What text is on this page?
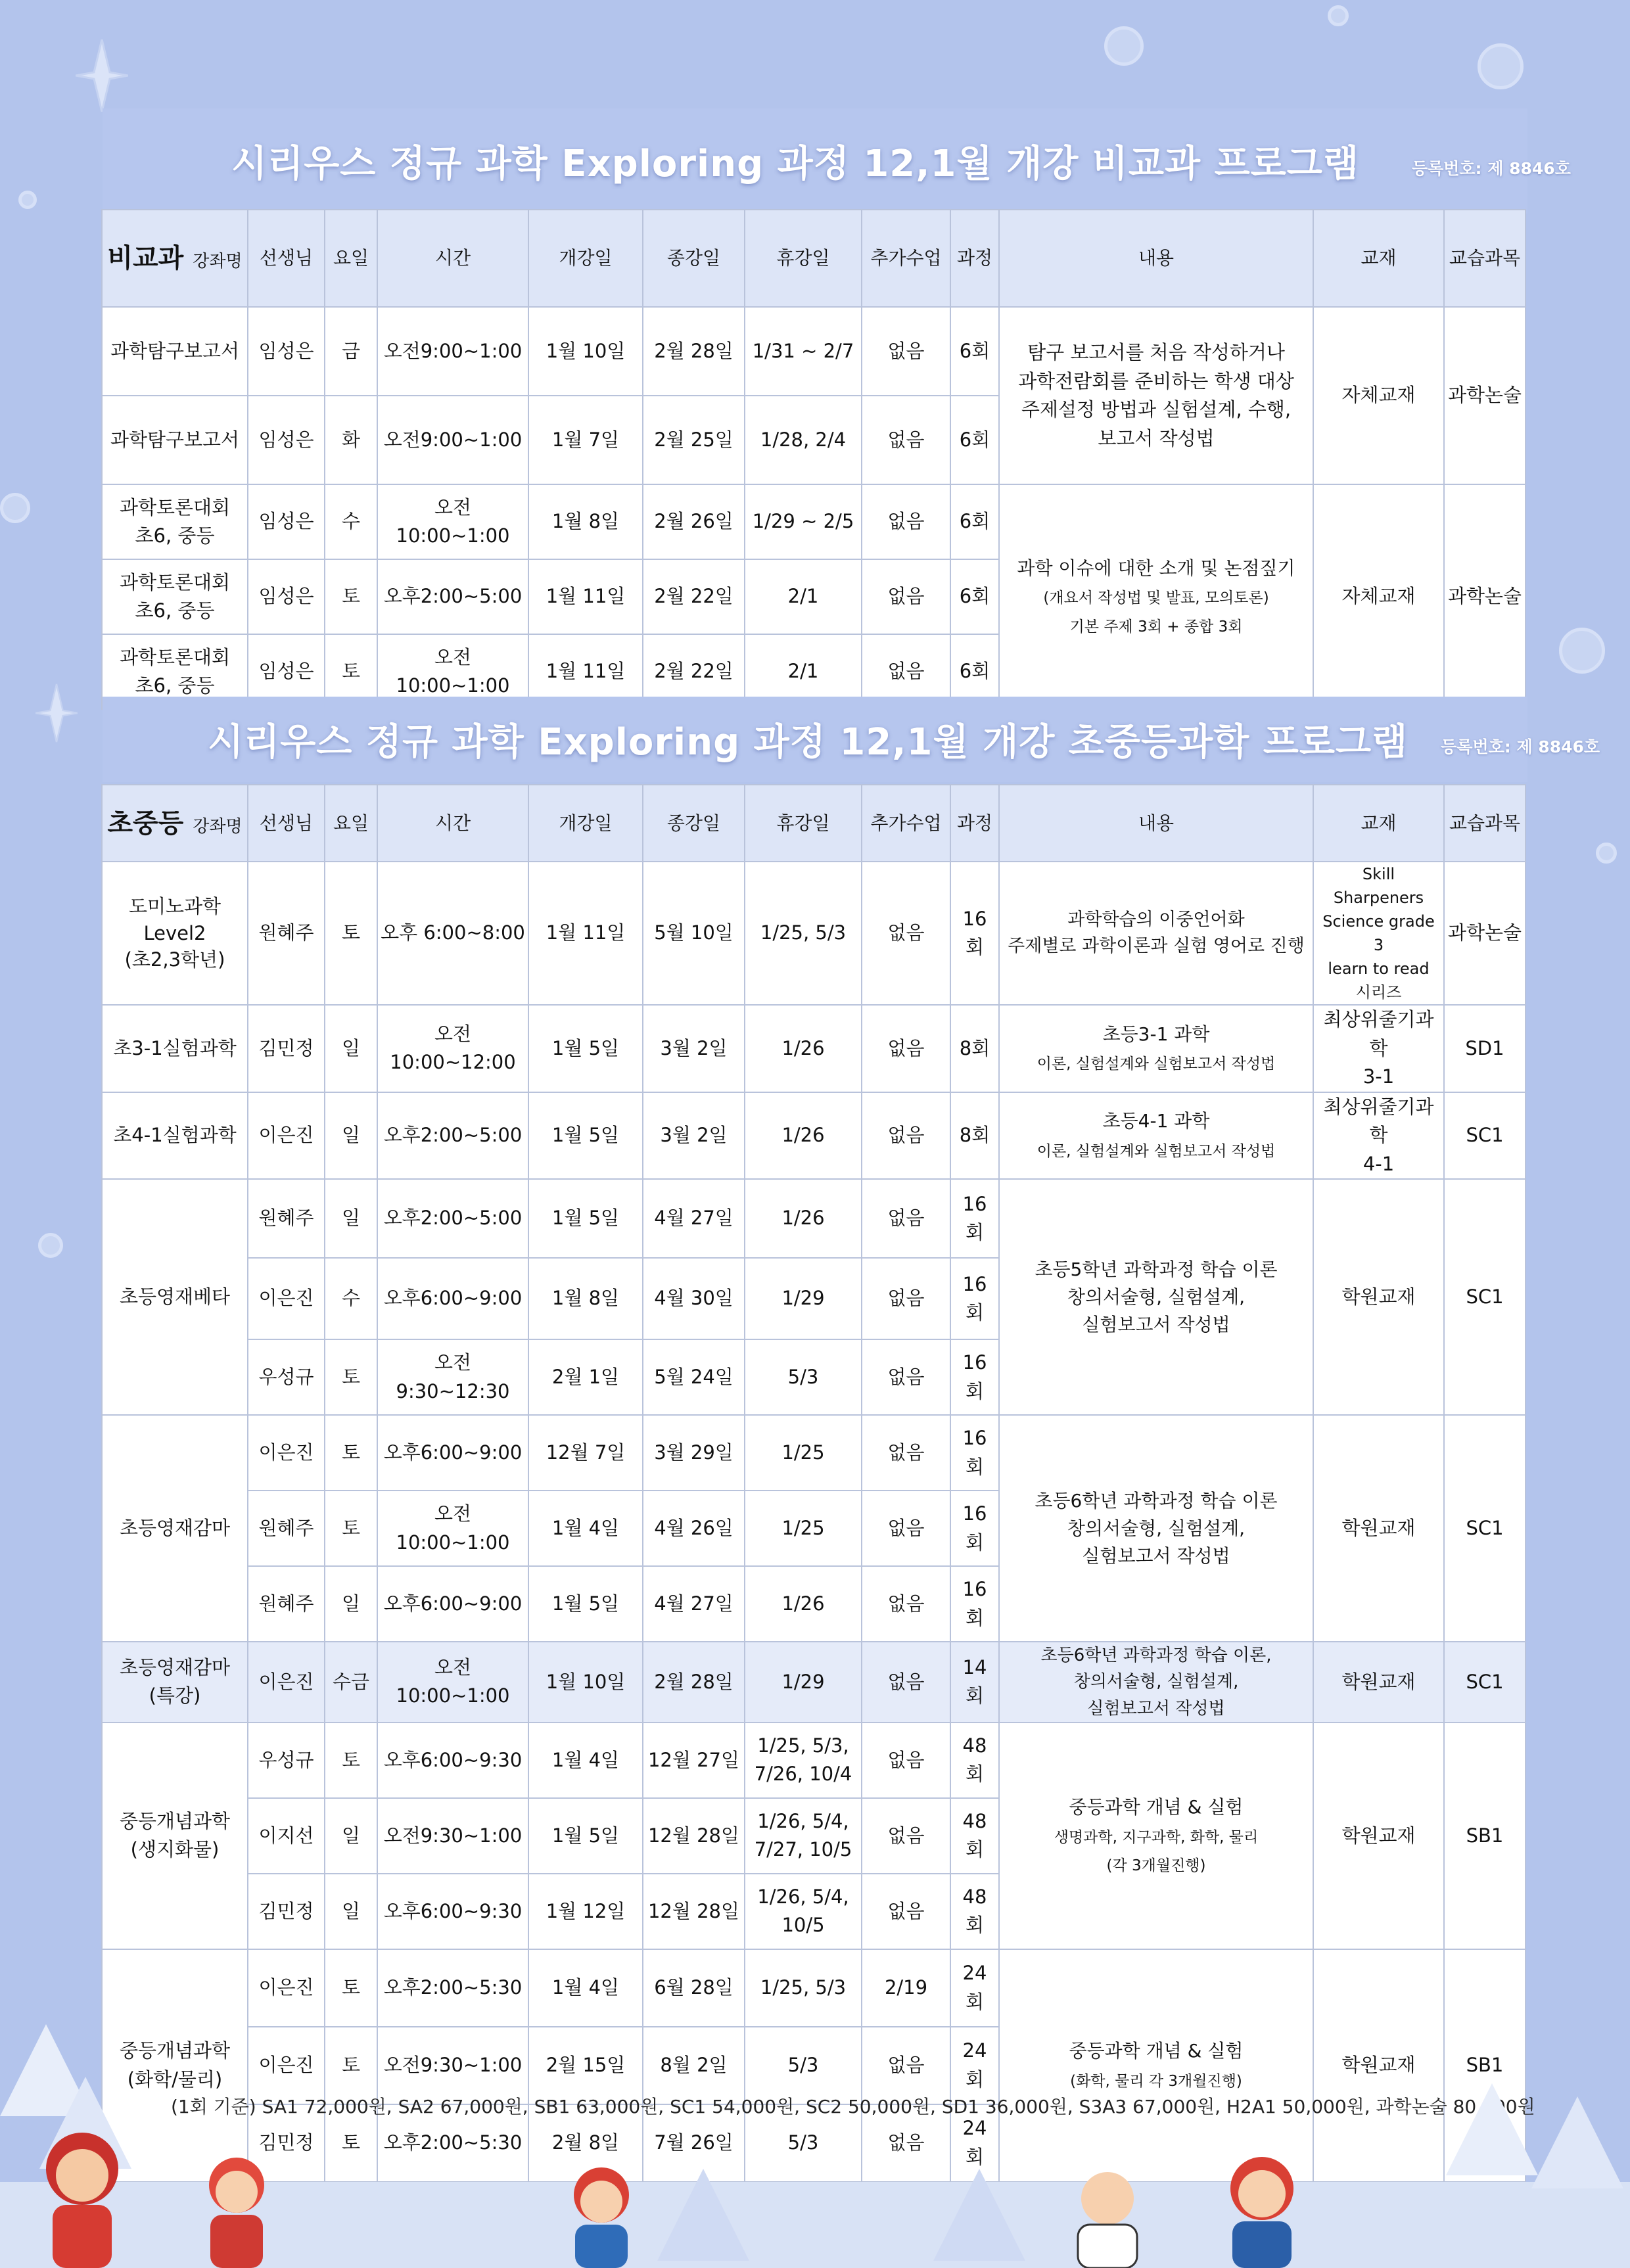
시리우스 정규 과학 Exploring 과정 12,1월 개강 비교과 프로그램	등록번호: 제 8846호
비교과 강좌명	선생님	요일	시간	개강일	종강일	휴강일	추가수업	과정	내용	교재	교습과목
과학탐구보고서	임성은	금	오전9:00~1:00	1월 10일	2월 28일	1/31 ~ 2/7	없음	6회	탐구 보고서를 처음 작성하거나
과학전람회를 준비하는 학생 대상
주제설정 방법과 실험설계, 수행,
보고서 작성법	자체교재	과학논술
과학탐구보고서	임성은	화	오전9:00~1:00	1월 7일	2월 25일	1/28, 2/4	없음	6회			
과학토론대회
초6, 중등	임성은	수	오전10:00~1:00	1월 8일	2월 26일	1/29 ~ 2/5	없음	6회	과학 이슈에 대한 소개 및 논점짚기
(개요서 작성법 및 발표, 모의토론)
기본 주제 3회 + 종합 3회	자체교재	과학논술
과학토론대회
초6, 중등	임성은	토	오후2:00~5:00	1월 11일	2월 22일	2/1	없음	6회			
과학토론대회
초6, 중등	임성은	토	오전10:00~1:00	1월 11일	2월 22일	2/1	없음	6회			
시리우스 정규 과학 Exploring 과정 12,1월 개강 초중등과학 프로그램 등록번호: 제 8846호
초중등 강좌명	선생님	요일	시간	개강일	종강일	휴강일	추가수업	과정	내용	교재	교습과목
도미노과학
Level2
(초2,3학년)	원혜주	토	오후 6:00~8:00	1월 11일	5월 10일	1/25, 5/3	없음	16회	과학학습의 이중언어화
주제별로 과학이론과 실험 영어로 진행	Skill Sharpeners
Science grade 3
learn to read
시리즈	과학논술
초3-1실험과학	김민정	일	오전10:00~12:00	1월 5일	3월 2일	1/26	없음	8회	초등3-1 과학
이론, 실험설계와 실험보고서 작성법	최상위줄기과학
3-1	SD1
초4-1실험과학	이은진	일	오후2:00~5:00	1월 5일	3월 2일	1/26	없음	8회	초등4-1 과학
이론, 실험설계와 실험보고서 작성법	최상위줄기과학
4-1	SC1
초등영재베타	원혜주	일	오후2:00~5:00	1월 5일	4월 27일	1/26	없음	16회	초등5학년 과학과정 학습 이론
창의서술형, 실험설계,
실험보고서 작성법	학원교재	SC1
	이은진	수	오후6:00~9:00	1월 8일	4월 30일	1/29	없음	16회			
	우성규	토	오전9:30~12:30	2월 1일	5월 24일	5/3	없음	16회			
초등영재감마	이은진	토	오후6:00~9:00	12월 7일	3월 29일	1/25	없음	16회	초등6학년 과학과정 학습 이론
창의서술형, 실험설계,
실험보고서 작성법	학원교재	SC1
	원혜주	토	오전10:00~1:00	1월 4일	4월 26일	1/25	없음	16회			
	원혜주	일	오후6:00~9:00	1월 5일	4월 27일	1/26	없음	16회			
초등영재감마
(특강)	이은진	수금	오전10:00~1:00	1월 10일	2월 28일	1/29	없음	14회	초등6학년 과학과정 학습 이론,
창의서술형, 실험설계,
실험보고서 작성법	학원교재	SC1
중등개념과학
(생지화물)	우성규	토	오후6:00~9:30	1월 4일	12월 27일	1/25, 5/3,
7/26, 10/4	없음	48회	중등과학 개념 & 실험
생명과학, 지구과학, 화학, 물리
(각 3개월진행)	학원교재	SB1
	이지선	일	오전9:30~1:00	1월 5일	12월 28일	1/26, 5/4,
7/27, 10/5	없음	48회			
	김민정	일	오후6:00~9:30	1월 12일	12월 28일	1/26, 5/4,
10/5	없음	48회			
중등개념과학
(화학/물리)	이은진	토	오후2:00~5:30	1월 4일	6월 28일	1/25, 5/3	2/19	24회	중등과학 개념 & 실험
(화학, 물리 각 3개월진행)	학원교재	SB1
	이은진	토	오전9:30~1:00	2월 15일	8월 2일	5/3	없음	24회			
	김민정	토	오후2:00~5:30	2월 8일	7월 26일	5/3	없음	24회			
(1회 기준) SA1 72,000원, SA2 67,000원, SB1 63,000원, SC1 54,000원, SC2 50,000원, SD1 36,000원, S3A3 67,000원, H2A1 50,000원, 과학논술 80,000원
